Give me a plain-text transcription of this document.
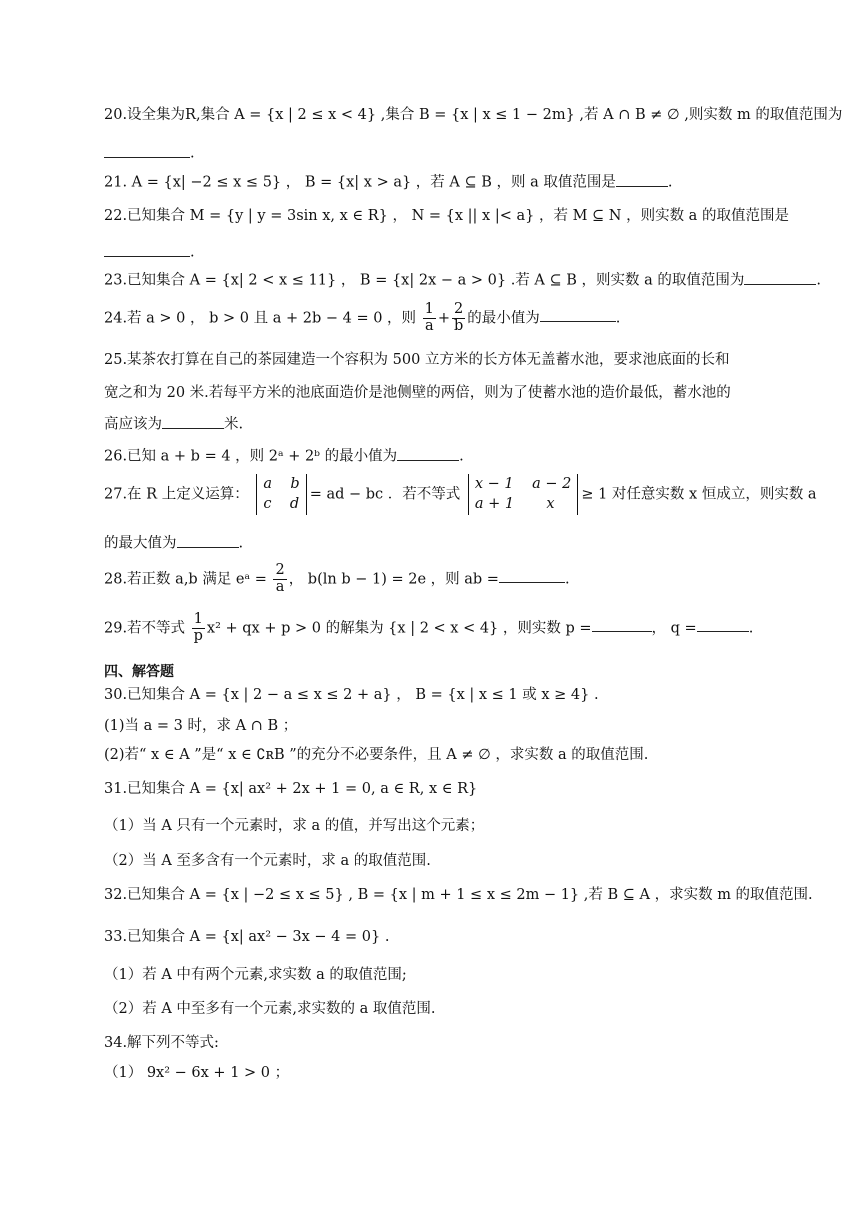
20.设全集为R,集合 A = {x | 2 ≤ x < 4} ,集合 B = {x | x ≤ 1 − 2m} ,若 A ∩ B ≠ ∅ ,则实数 m 的取值范围为
.
21. A = {x| −2 ≤ x ≤ 5} ， B = {x| x > a} ，若 A ⊆ B ，则 a 取值范围是	.
22.已知集合 M = {y | y = 3sin x, x ∈ R} ， N = {x || x |< a} ，若 M ⊆ N ，则实数 a 的取值范围是
.
23.已知集合 A = {x| 2 < x ≤ 11} ， B = {x| 2x − a > 0} .若 A ⊆ B ，则实数 a 的取值范围为	.
24.若 a > 0 ， b > 0 且 a + 2b − 4 = 0 ，则 $\frac{1}{a} + \frac{2}{b}$ 的最小值为	.
25.某茶农打算在自己的茶园建造一个容积为 500 立方米的长方体无盖蓄水池，要求池底面的长和
宽之和为 20 米.若每平方米的池底面造价是池侧壁的两倍，则为了使蓄水池的造价最低，蓄水池的
高应该为	米.
26.已知 a + b = 4 ，则 2ᵃ + 2ᵇ 的最小值为	.
27.在 R 上定义运算：
a    b
c    d
= ad − bc ．若不等式
x − 1    a − 2
a + 1       x
≥ 1 对任意实数 x 恒成立，则实数 a
的最大值为	.
28.若正数 a,b 满足 eᵃ = $\frac{2}{a}$ ， b(ln b − 1) = 2e ，则 ab =	.
29.若不等式 $\frac{1}{p} x^2$ + qx + p > 0 的解集为 {x | 2 < x < 4} ，则实数 p =	， q =	.
四、解答题
30.已知集合 A = {x | 2 − a ≤ x ≤ 2 + a} ， B = {x | x ≤ 1 或 x ≥ 4} .
(1)当 a = 3 时，求 A ∩ B ；
(2)若“ x ∈ A ”是“ x ∈ ∁ʀB ”的充分不必要条件，且 A ≠ ∅ ，求实数 a 的取值范围.
31.已知集合 A = {x| ax² + 2x + 1 = 0, a ∈ R, x ∈ R}
（1）当 A 只有一个元素时，求 a 的值，并写出这个元素；
（2）当 A 至多含有一个元素时，求 a 的取值范围.
32.已知集合 A = {x | −2 ≤ x ≤ 5} , B = {x | m + 1 ≤ x ≤ 2m − 1} ,若 B ⊆ A ，求实数 m 的取值范围.
33.已知集合 A = {x| ax² − 3x − 4 = 0} .
（1）若 A 中有两个元素,求实数 a 的取值范围;
（2）若 A 中至多有一个元素,求实数的 a 取值范围.
34.解下列不等式:
（1） 9x² − 6x + 1 > 0 ；
